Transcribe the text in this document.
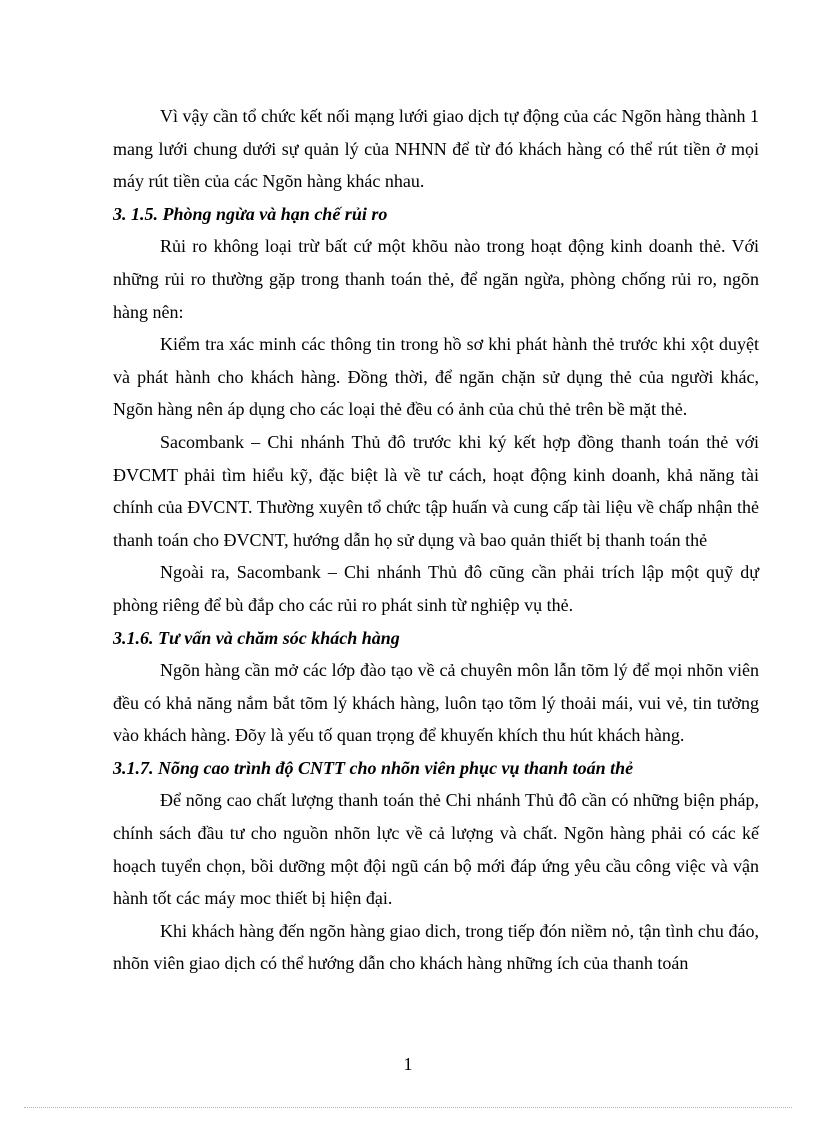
Vì vậy cần tổ chức kết nối mạng lưới giao dịch tự động của các Ngõn hàng thành 1 mang lưới chung dưới sự quản lý của NHNN để từ đó khách hàng có thể rút tiền ở mọi máy rút tiền của các Ngõn hàng khác nhau.

3. 1.5. Phòng ngừa và hạn chế rủi ro

Rủi ro không loại trừ bất cứ một khõu nào trong hoạt động kinh doanh thẻ. Với những rủi ro thường gặp trong thanh toán thẻ, để ngăn ngừa, phòng chống rủi ro, ngõn hàng nên:

Kiểm tra xác minh các thông tin trong hồ sơ khi phát hành thẻ trước khi xột duyệt và phát hành cho khách hàng. Đồng thời, để ngăn chặn sử dụng thẻ của người khác, Ngõn hàng nên áp dụng cho các loại thẻ đều có ảnh của chủ thẻ trên bề mặt thẻ.

Sacombank – Chi nhánh Thủ đô trước khi ký kết hợp đồng thanh toán thẻ với ĐVCMT phải tìm hiểu kỹ, đặc biệt là về tư cách, hoạt động kinh doanh, khả năng tài chính của ĐVCNT. Thường xuyên tổ chức tập huấn và cung cấp tài liệu về chấp nhận thẻ thanh toán cho ĐVCNT, hướng dẫn họ sử dụng và bao quản thiết bị thanh toán thẻ

Ngoài ra, Sacombank – Chi nhánh Thủ đô cũng cần phải trích lập một quỹ dự phòng riêng để bù đắp cho các rủi ro phát sinh từ nghiệp vụ thẻ.

3.1.6. Tư vấn và chăm sóc khách hàng

Ngõn hàng cần mở các lớp đào tạo về cả chuyên môn lẫn tõm lý để mọi nhõn viên đều có khả năng nắm bắt tõm lý khách hàng, luôn tạo tõm lý thoải mái, vui vẻ, tin tưởng vào khách hàng. Đõy là yếu tố quan trọng để khuyến khích thu hút khách hàng.

3.1.7. Nõng cao trình độ CNTT cho nhõn viên phục vụ thanh toán thẻ

Để nõng cao chất lượng thanh toán thẻ Chi nhánh Thủ đô cần có những biện pháp, chính sách đầu tư cho nguồn nhõn lực về cả lượng và chất. Ngõn hàng phải có các kế hoạch tuyển chọn, bồi dưỡng một đội ngũ cán bộ mới đáp ứng yêu cầu công việc và vận hành tốt các máy moc thiết bị hiện đại.

Khi khách hàng đến ngõn hàng giao dich, trong tiếp đón niềm nỏ, tận tình chu đáo, nhõn viên giao dịch có thể hướng dẫn cho khách hàng những ích của thanh toán

1
